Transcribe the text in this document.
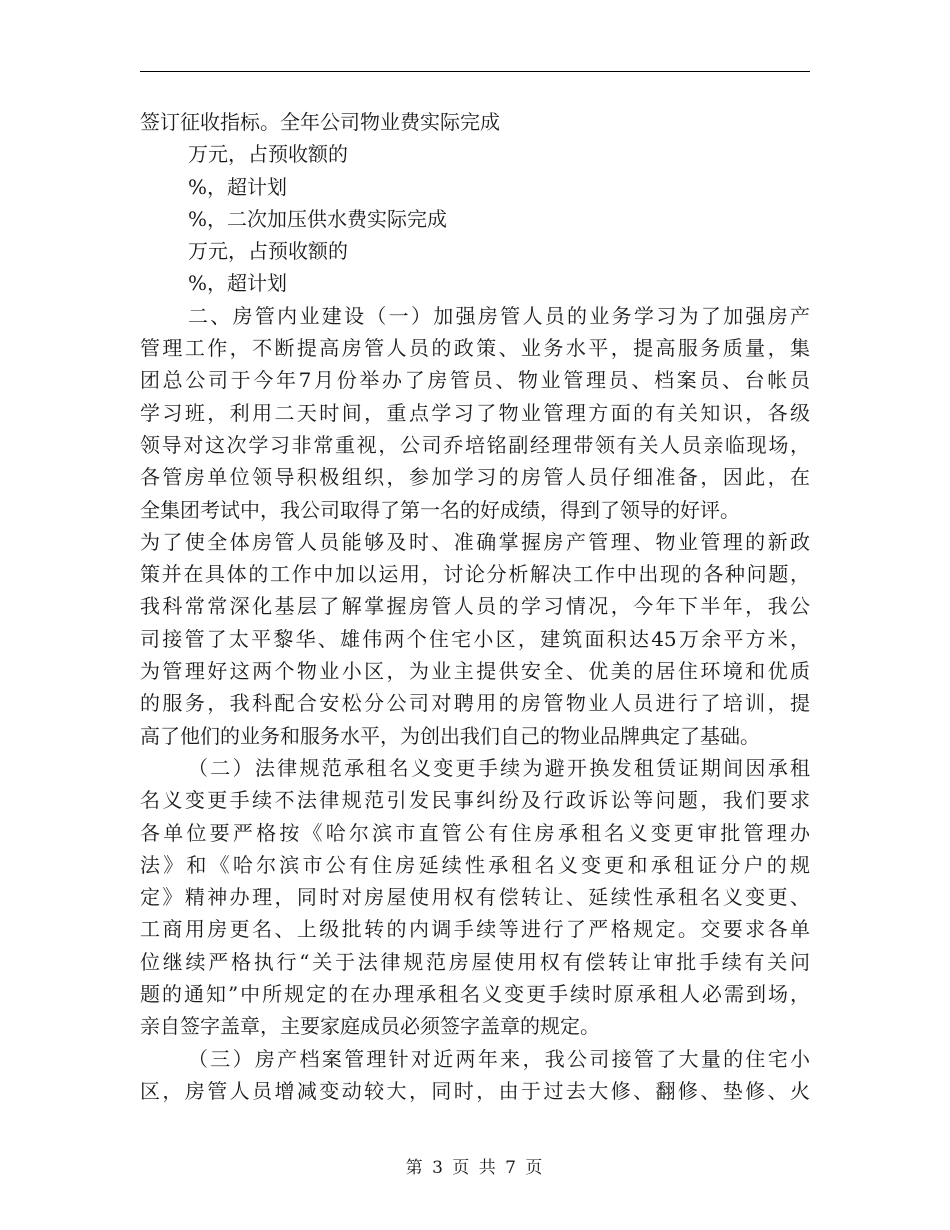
签订征收指标。全年公司物业费实际完成
万元，占预收额的
%，超计划
%，二次加压供水费实际完成
万元，占预收额的
%，超计划
二、房管内业建设（一）加强房管人员的业务学习为了加强房产
管理工作，不断提高房管人员的政策、业务水平，提高服务质量，集
团总公司于今年7月份举办了房管员、物业管理员、档案员、台帐员
学习班，利用二天时间，重点学习了物业管理方面的有关知识，各级
领导对这次学习非常重视，公司乔培铭副经理带领有关人员亲临现场，
各管房单位领导积极组织，参加学习的房管人员仔细准备，因此，在
全集团考试中，我公司取得了第一名的好成绩，得到了领导的好评。
为了使全体房管人员能够及时、准确掌握房产管理、物业管理的新政
策并在具体的工作中加以运用，讨论分析解决工作中出现的各种问题，
我科常常深化基层了解掌握房管人员的学习情况，今年下半年，我公
司接管了太平黎华、雄伟两个住宅小区，建筑面积达45万余平方米，
为管理好这两个物业小区，为业主提供安全、优美的居住环境和优质
的服务，我科配合安松分公司对聘用的房管物业人员进行了培训，提
高了他们的业务和服务水平，为创出我们自己的物业品牌典定了基础。
（二）法律规范承租名义变更手续为避开换发租赁证期间因承租
名义变更手续不法律规范引发民事纠纷及行政诉讼等问题，我们要求
各单位要严格按《哈尔滨市直管公有住房承租名义变更审批管理办
法》和《哈尔滨市公有住房延续性承租名义变更和承租证分户的规
定》精神办理，同时对房屋使用权有偿转让、延续性承租名义变更、
工商用房更名、上级批转的内调手续等进行了严格规定。交要求各单
位继续严格执行“关于法律规范房屋使用权有偿转让审批手续有关问
题的通知”中所规定的在办理承租名义变更手续时原承租人必需到场，
亲自签字盖章，主要家庭成员必须签字盖章的规定。
（三）房产档案管理针对近两年来，我公司接管了大量的住宅小
区，房管人员增减变动较大，同时，由于过去大修、翻修、垫修、火
第 3 页 共 7 页
